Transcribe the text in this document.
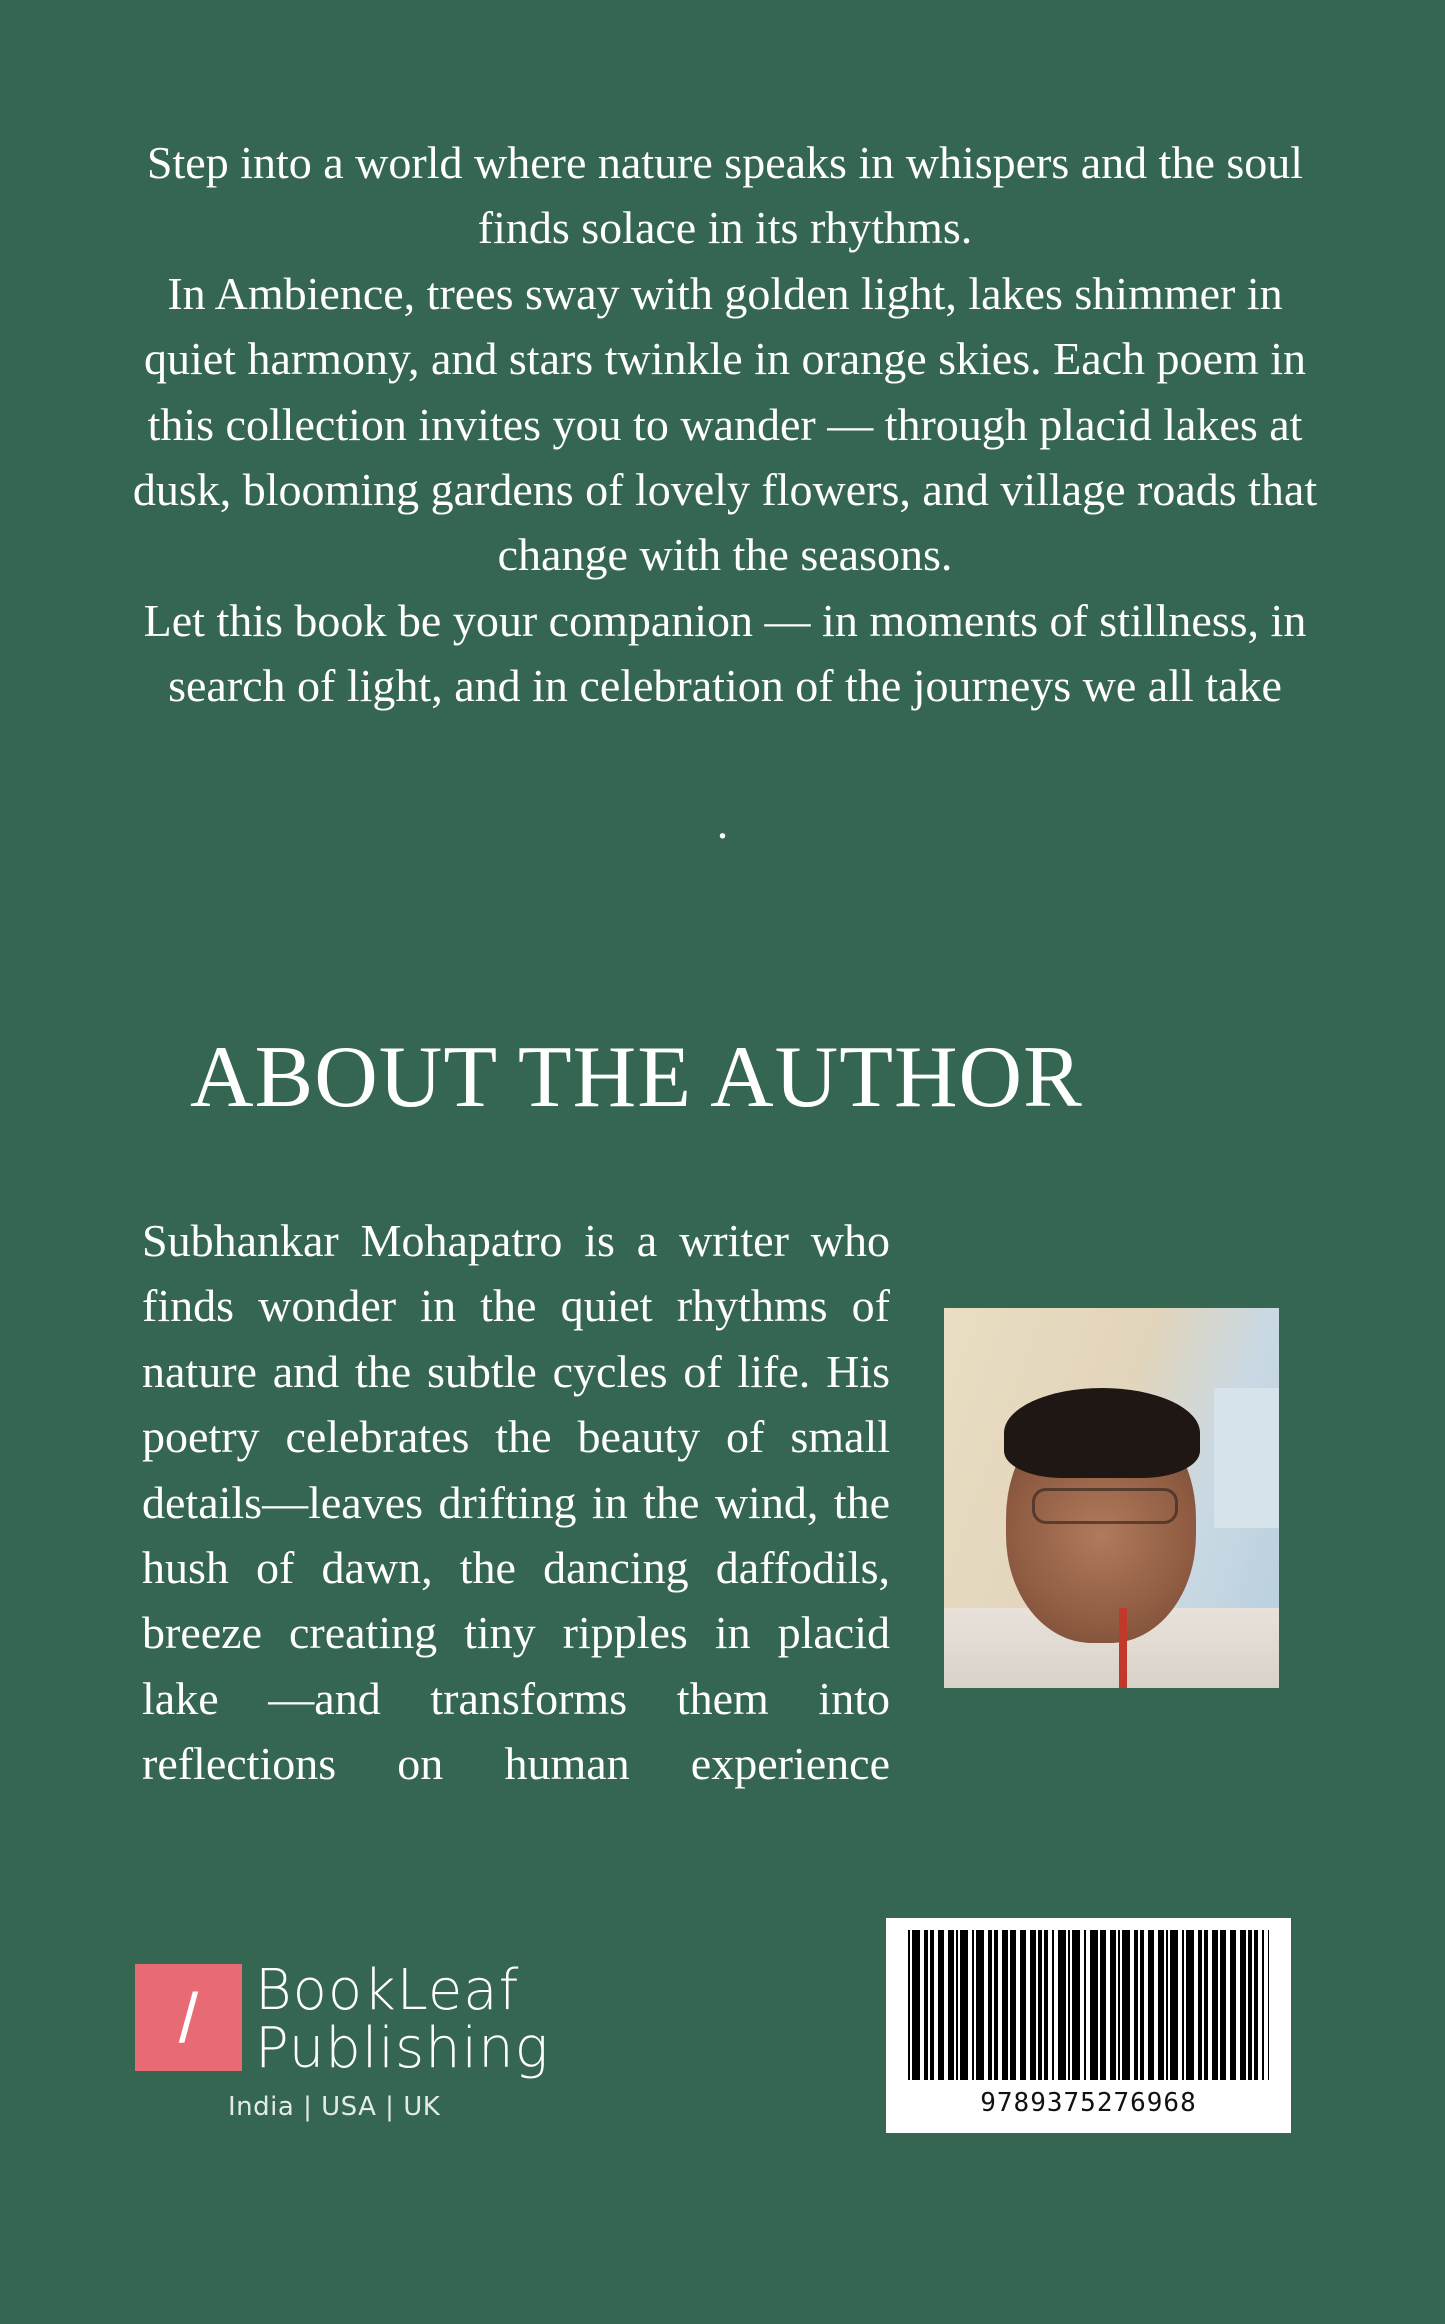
Step into a world where nature speaks in whispers and the soul finds solace in its rhythms.

In Ambience, trees sway with golden light, lakes shimmer in quiet harmony, and stars twinkle in orange skies. Each poem in this collection invites you to wander — through placid lakes at dusk, blooming gardens of lovely flowers, and village roads that change with the seasons.

Let this book be your companion — in moments of stillness, in search of light, and in celebration of the journeys we all take

.
ABOUT THE AUTHOR

Subhankar Mohapatro is a writer who finds wonder in the quiet rhythms of nature and the subtle cycles of life. His poetry celebrates the beauty of small details—leaves drifting in the wind, the hush of dawn, the dancing daffodils, breeze creating tiny ripples in placid lake —and transforms them into reflections on human experience

/ BookLeaf
Publishing
India | USA | UK	9789375276968
